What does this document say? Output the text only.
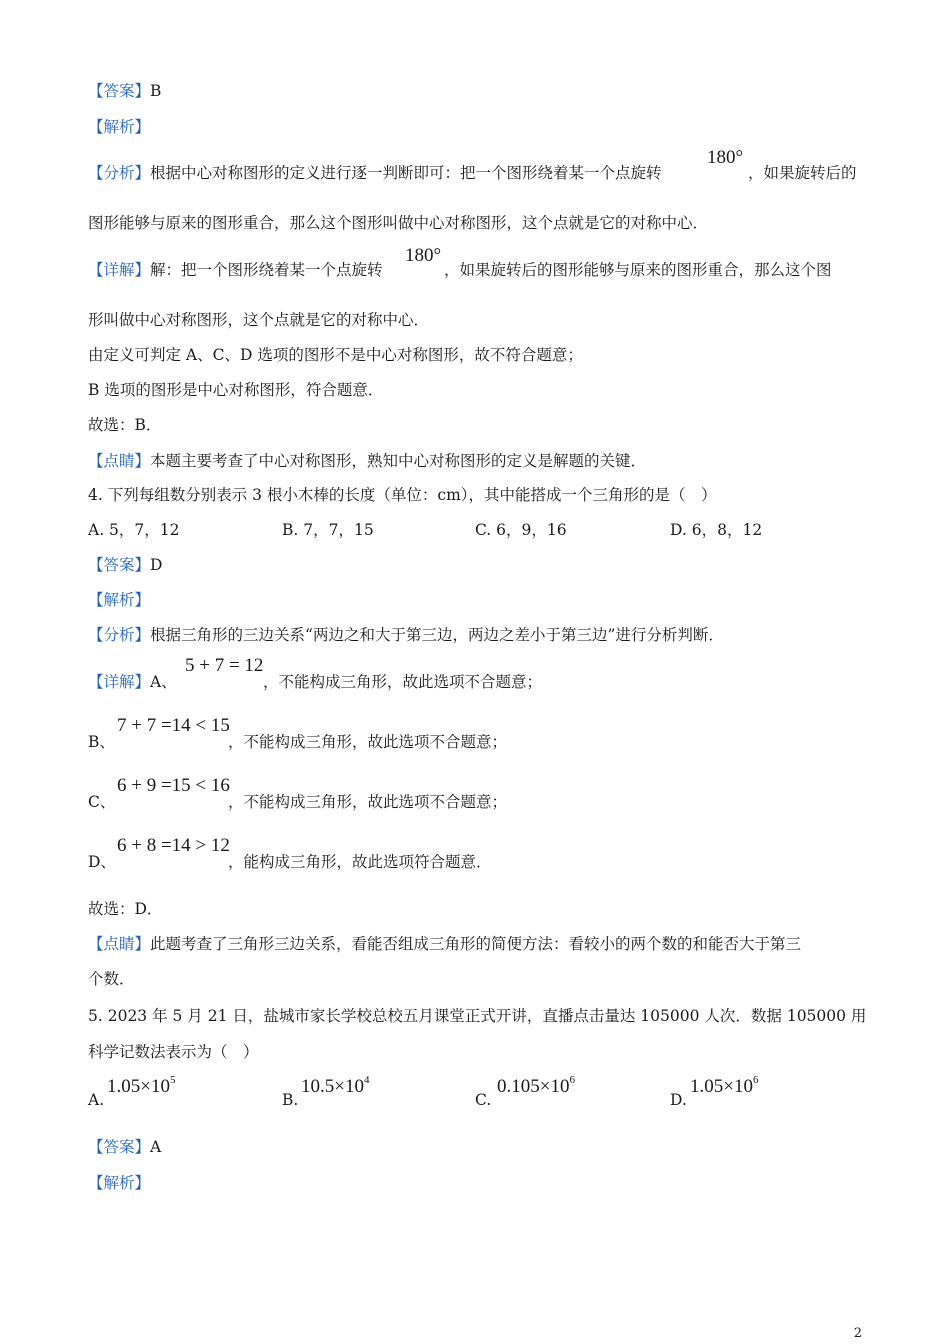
【答案】B
【解析】
【分析】根据中心对称图形的定义进行逐一判断即可：把一个图形绕着某一个点旋转
180°
，如果旋转后的
图形能够与原来的图形重合，那么这个图形叫做中心对称图形，这个点就是它的对称中心．
【详解】解：把一个图形绕着某一个点旋转
180°
，如果旋转后的图形能够与原来的图形重合，那么这个图
形叫做中心对称图形，这个点就是它的对称中心．
由定义可判定 A、C、D 选项的图形不是中心对称图形，故不符合题意；
B 选项的图形是中心对称图形，符合题意．
故选：B．
【点睛】本题主要考查了中心对称图形，熟知中心对称图形的定义是解题的关键．
4. 下列每组数分别表示 3 根小木棒的长度（单位：cm），其中能搭成一个三角形的是（　）
A. 5，7，12	B. 7，7，15	C. 6，9，16	D. 6，8，12
【答案】D
【解析】
【分析】根据三角形的三边关系“两边之和大于第三边，两边之差小于第三边”进行分析判断．
【详解】A、
5 + 7 = 12
，不能构成三角形，故此选项不合题意；
B、
7 + 7 =14 < 15
，不能构成三角形，故此选项不合题意；
C、
6 + 9 =15 < 16
，不能构成三角形，故此选项不合题意；
D、
6 + 8 =14 > 12
，能构成三角形，故此选项符合题意．
故选：D．
【点睛】此题考查了三角形三边关系，看能否组成三角形的简便方法：看较小的两个数的和能否大于第三
个数．
5. 2023 年 5 月 21 日，盐城市家长学校总校五月课堂正式开讲，直播点击量达 105000 人次．数据 105000 用
科学记数法表示为（　）
A.
$1.05\times 10^5$
B.
$10.5\times 10^4$
C.
$0.105\times 10^6$
D.
$1.05\times 10^6$
【答案】A
【解析】
2
